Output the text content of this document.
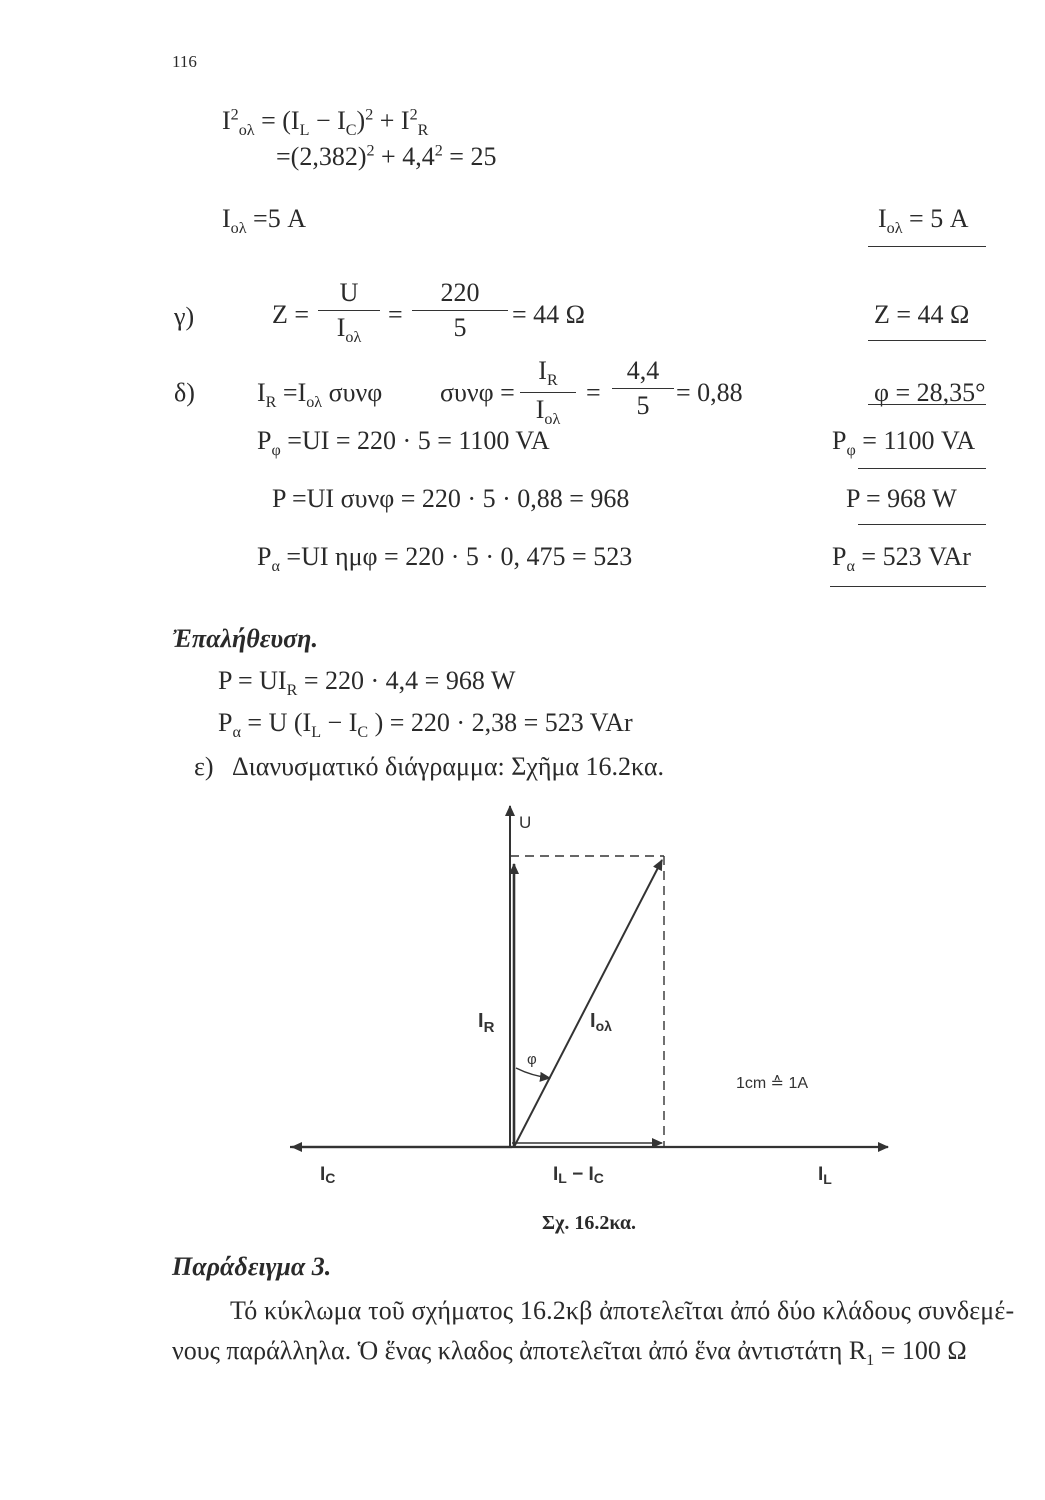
116
$I^2_{o\lambda} = (I_L - I_C)^2 + I^2_R$
$=(2,382)^2 + 4,4^2 = 25$
$I_{o\lambda} =5$ A	$I_{o\lambda} = 5$ A
γ)	Z =
U
$I_{o\lambda}$
=
220
5	= 44 Ω	Z = 44 Ω
δ) $I_R =I_{o\lambda}$ συνφ συνφ =
$I_R$
$I_{o\lambda}$
=
4,4
5	= 0,88	φ = 28,35°
$P_\varphi =UI = 220 \cdot 5 = 1100$ VA	$P_\varphi = 1100$ VA
P =UI συνφ = 220 · 5 · 0,88 = 968	P = 968 W
$P_\alpha =UI$ ημφ = 220 · 5 · 0, 475 = 523	$P_\alpha = 523$ VAr
Ἐπαλήθευση.
$P = UI_R = 220 \cdot 4,4 = 968$ W
$P_\alpha = U$ ($I_L - I_C$ ) = 220 · 2,38 = 523 VAr
ε) Διανυσματικό διάγραμμα: Σχῆμα 16.2κα.
U
$I_R$	$I_{o\lambda}$
φ
1cm ≙ 1A
IC	IL − IC	$I_L$
Σχ. 16.2κα.
Παράδειγμα 3.
Τό κύκλωμα τοῦ σχήματος 16.2κβ ἀποτελεῖται ἀπό δύο κλάδους συνδεμέ-
νους παράλληλα. Ὁ ἕνας κλαδος ἀποτελεῖται ἀπό ἕνα ἀντιστάτη $R_1 = 100$ Ω
